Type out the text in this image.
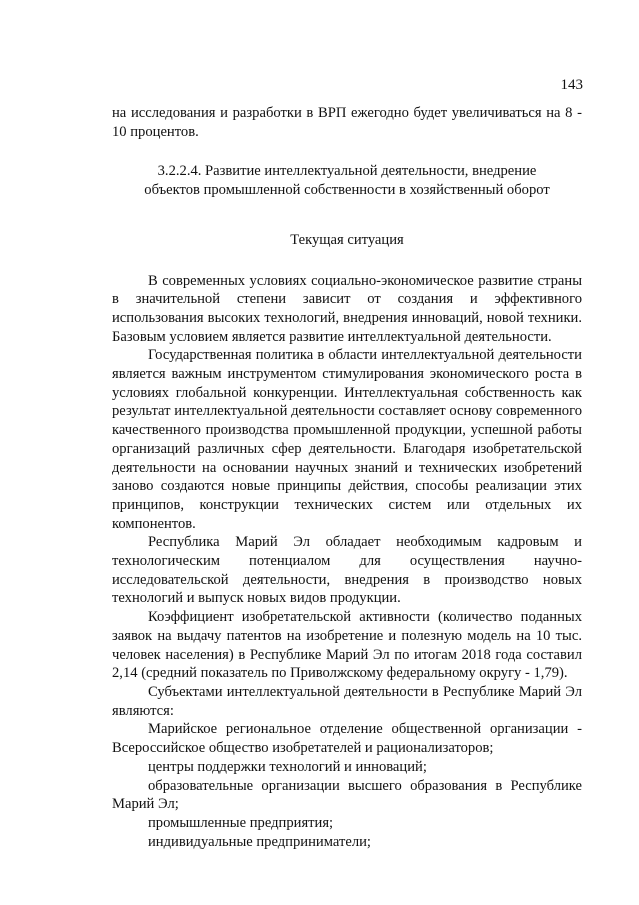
143

на исследования и разработки в ВРП ежегодно будет увеличиваться на 8 - 10 процентов.

3.2.2.4. Развитие интеллектуальной деятельности, внедрение
объектов промышленной собственности в хозяйственный оборот
Текущая ситуация

В современных условиях социально-экономическое развитие страны в значительной степени зависит от создания и эффективного использования высоких технологий, внедрения инноваций, новой техники. Базовым условием является развитие интеллектуальной деятельности.

Государственная политика в области интеллектуальной деятельности является важным инструментом стимулирования экономического роста в условиях глобальной конкуренции. Интеллектуальная собственность как результат интеллектуальной деятельности составляет основу современного качественного производства промышленной продукции, успешной работы организаций различных сфер деятельности. Благодаря изобретательской деятельности на основании научных знаний и технических изобретений заново создаются новые принципы действия, способы реализации этих принципов, конструкции технических систем или отдельных их компонентов.

Республика Марий Эл обладает необходимым кадровым и технологическим потенциалом для осуществления научно-исследовательской деятельности, внедрения в производство новых технологий и выпуск новых видов продукции.

Коэффициент изобретательской активности (количество поданных заявок на выдачу патентов на изобретение и полезную модель на 10 тыс. человек населения) в Республике Марий Эл по итогам 2018 года составил 2,14 (средний показатель по Приволжскому федеральному округу - 1,79).

Субъектами интеллектуальной деятельности в Республике Марий Эл являются:

Марийское региональное отделение общественной организации - Всероссийское общество изобретателей и рационализаторов;

центры поддержки технологий и инноваций;

образовательные организации высшего образования в Республике Марий Эл;

промышленные предприятия;

индивидуальные предприниматели;
